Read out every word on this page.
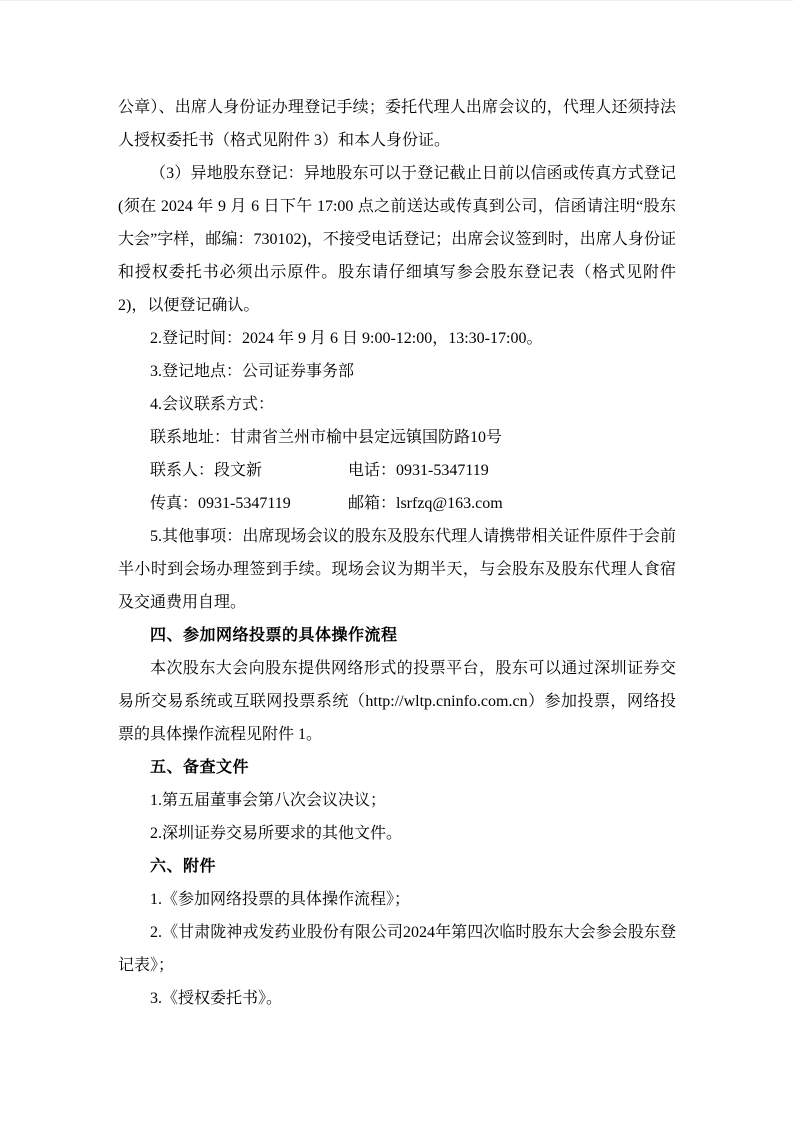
公章）、出席人身份证办理登记手续；委托代理人出席会议的，代理人还须持法人授权委托书（格式见附件 3）和本人身份证。

（3）异地股东登记：异地股东可以于登记截止日前以信函或传真方式登记(须在 2024 年 9 月 6 日下午 17:00 点之前送达或传真到公司，信函请注明“股东大会”字样，邮编：730102)，不接受电话登记；出席会议签到时，出席人身份证和授权委托书必须出示原件。股东请仔细填写参会股东登记表（格式见附件 2)，以便登记确认。

2.登记时间：2024 年 9 月 6 日 9:00-12:00，13:30-17:00。

3.登记地点：公司证券事务部

4.会议联系方式：

联系地址：甘肃省兰州市榆中县定远镇国防路10号

联系人：段文新	电话：0931-5347119
传真：0931-5347119	邮箱：lsrfzq@163.com

5.其他事项：出席现场会议的股东及股东代理人请携带相关证件原件于会前半小时到会场办理签到手续。现场会议为期半天，与会股东及股东代理人食宿及交通费用自理。

四、参加网络投票的具体操作流程

本次股东大会向股东提供网络形式的投票平台，股东可以通过深圳证券交易所交易系统或互联网投票系统（http://wltp.cninfo.com.cn）参加投票，网络投票的具体操作流程见附件 1。

五、备查文件

1.第五届董事会第八次会议决议；

2.深圳证券交易所要求的其他文件。

六、附件

1.《参加网络投票的具体操作流程》；

2.《甘肃陇神戎发药业股份有限公司2024年第四次临时股东大会参会股东登记表》；

3.《授权委托书》。
